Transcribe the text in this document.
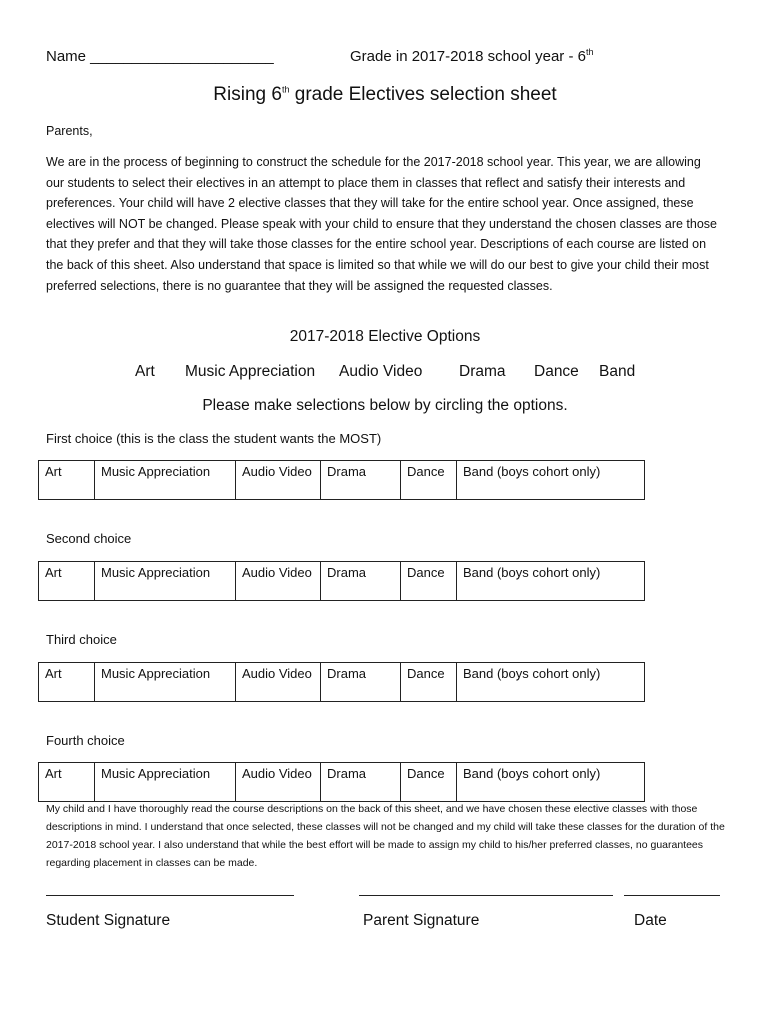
Name ______________________	Grade in 2017-2018 school year - 6th
Rising 6th grade Electives selection sheet
Parents,
We are in the process of beginning to construct the schedule for the 2017-2018 school year. This year, we are allowing our students to select their electives in an attempt to place them in classes that reflect and satisfy their interests and preferences. Your child will have 2 elective classes that they will take for the entire school year. Once assigned, these electives will NOT be changed. Please speak with your child to ensure that they understand the chosen classes are those that they prefer and that they will take those classes for the entire school year. Descriptions of each course are listed on the back of this sheet. Also understand that space is limited so that while we will do our best to give your child their most preferred selections, there is no guarantee that they will be assigned the requested classes.
2017-2018 Elective Options
Art Music Appreciation Audio Video Drama Dance Band
Please make selections below by circling the options.
First choice (this is the class the student wants the MOST)
Art	Music Appreciation	Audio Video	Drama	Dance	Band (boys cohort only)
Second choice
Art	Music Appreciation	Audio Video	Drama	Dance	Band (boys cohort only)
Third choice
Art	Music Appreciation	Audio Video	Drama	Dance	Band (boys cohort only)
Fourth choice
Art	Music Appreciation	Audio Video	Drama	Dance	Band (boys cohort only)
My child and I have thoroughly read the course descriptions on the back of this sheet, and we have chosen these elective classes with those descriptions in mind. I understand that once selected, these classes will not be changed and my child will take these classes for the duration of the 2017-2018 school year. I also understand that while the best effort will be made to assign my child to his/her preferred classes, no guarantees regarding placement in classes can be made.
Student Signature	Parent Signature	Date
